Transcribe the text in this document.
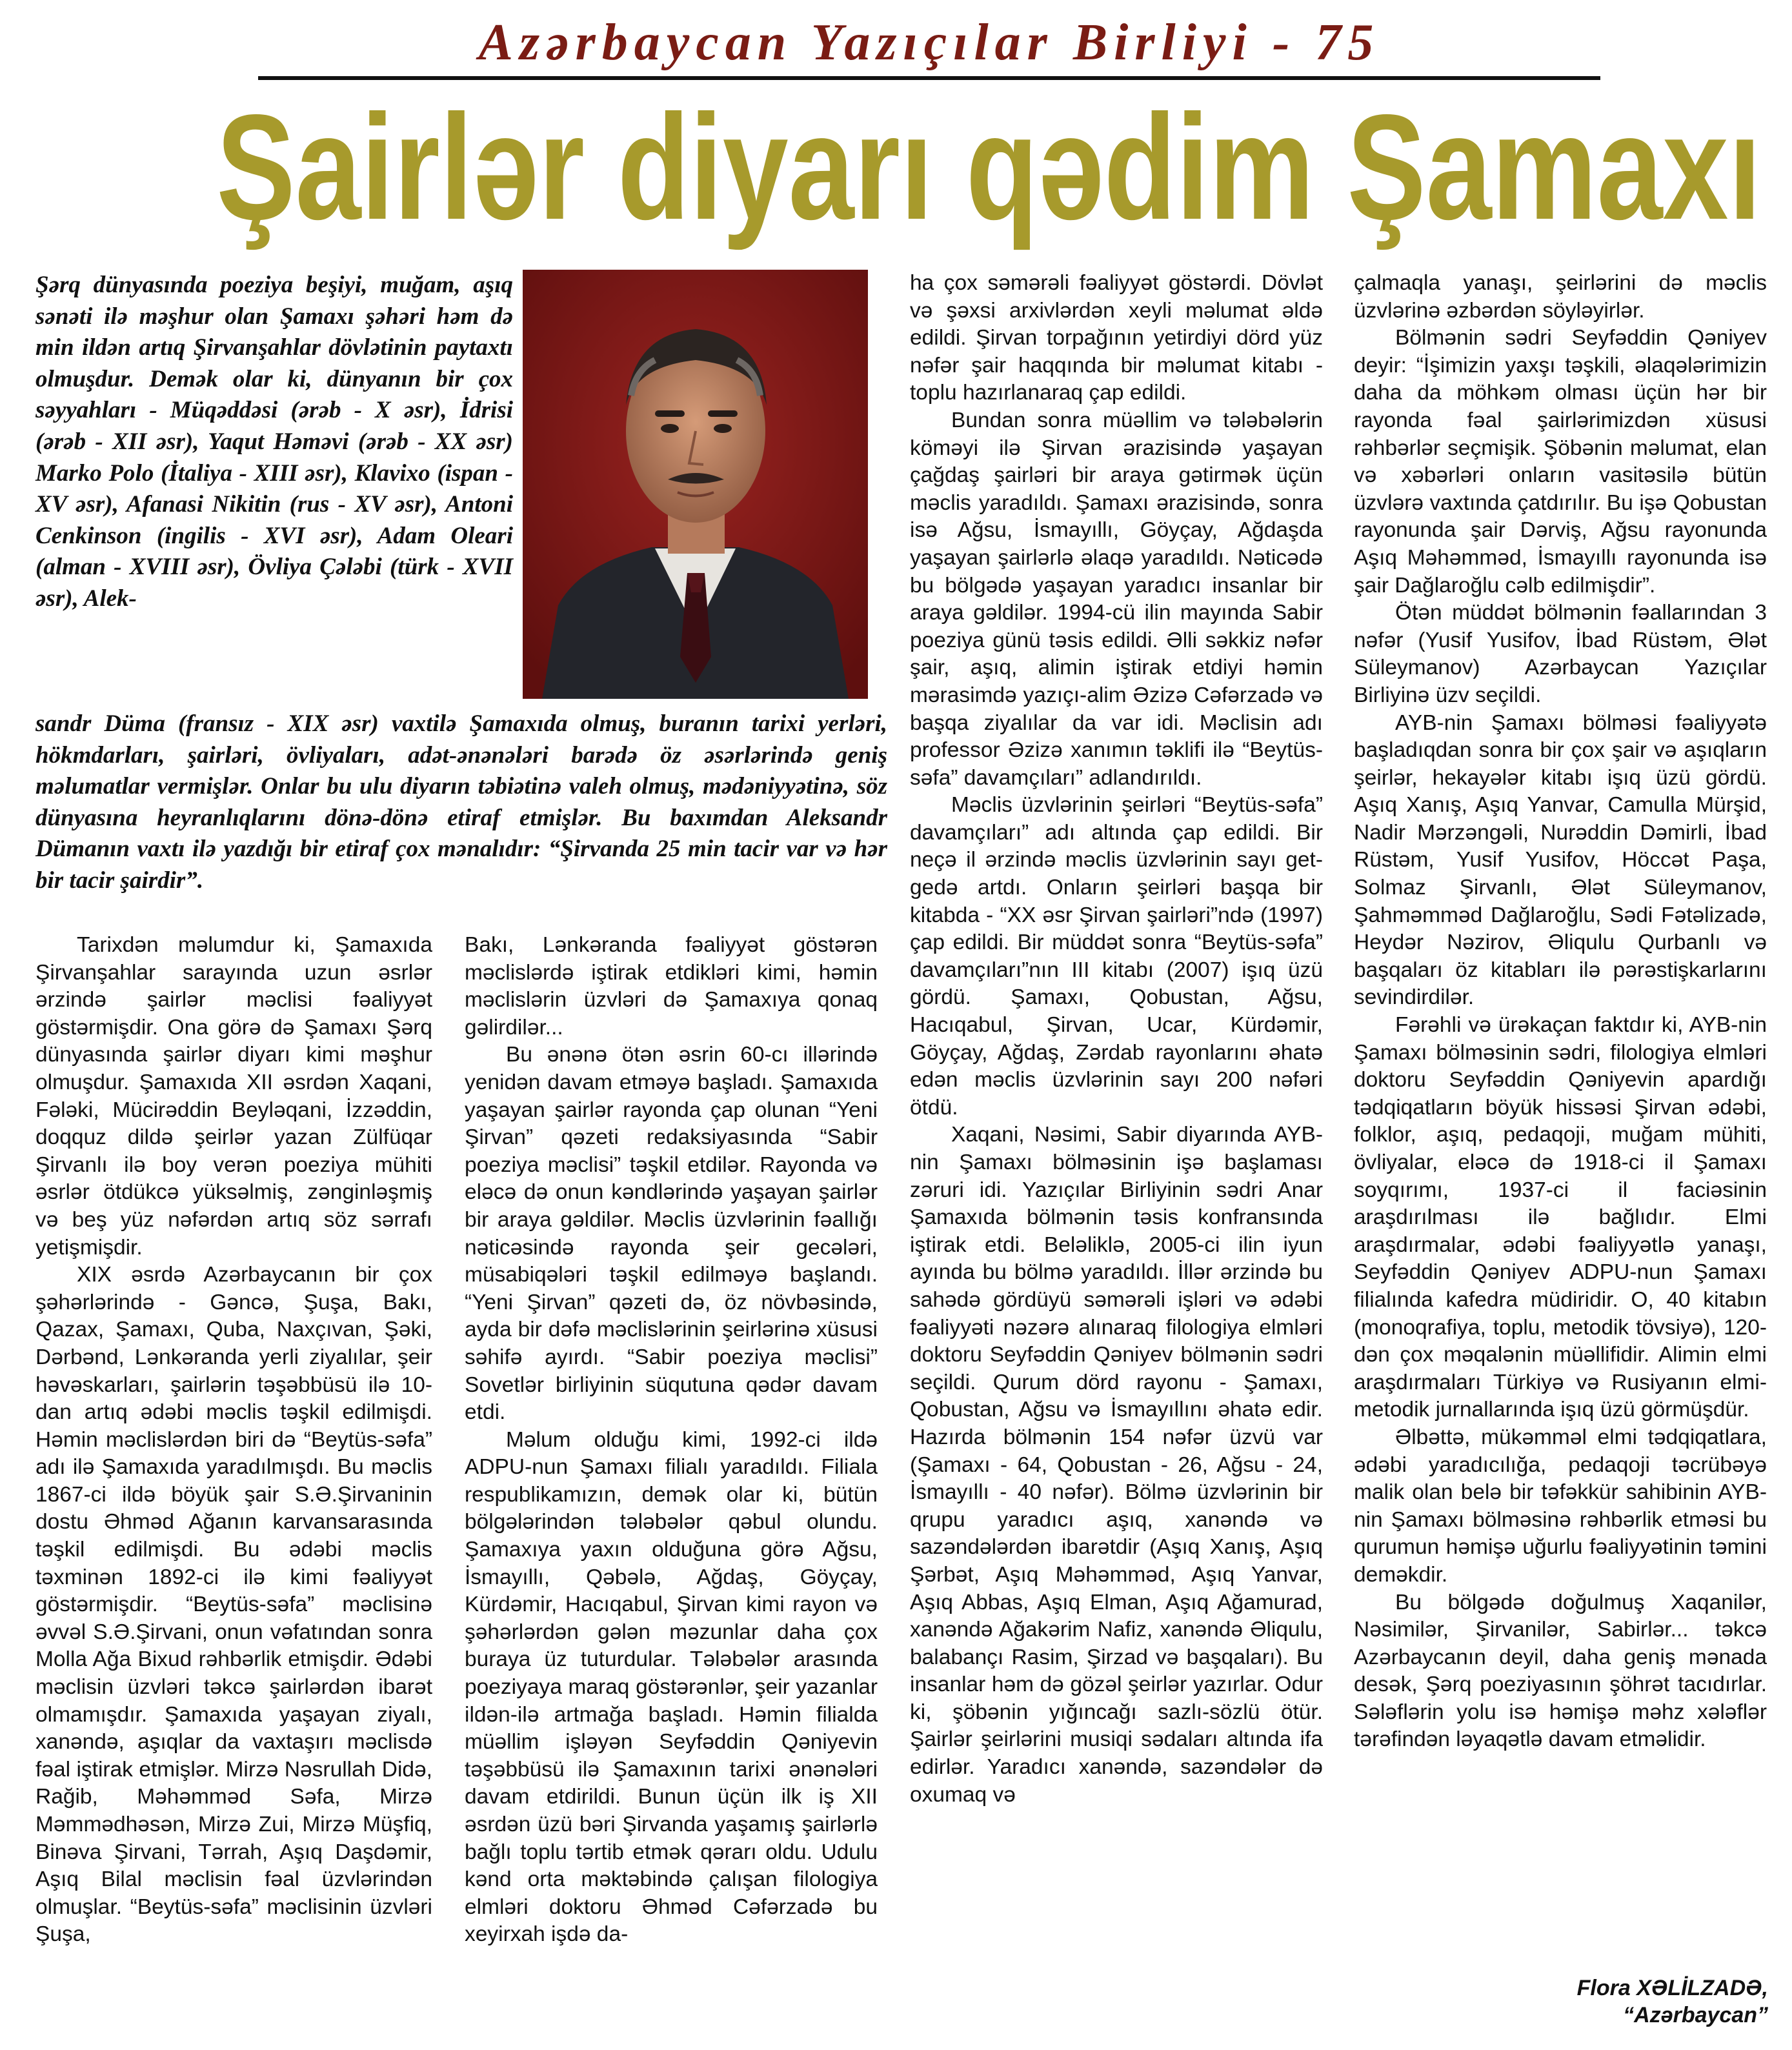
Azərbaycan Yazıçılar Birliyi - 75
Şairlər diyarı qədim Şamaxı

Şərq dünyasında poeziya beşiyi, muğam, aşıq sənəti ilə məşhur olan Şamaxı şəhəri həm də min ildən artıq Şirvanşahlar dövlətinin paytaxtı olmuşdur. Demək olar ki, dünyanın bir çox səyyahları - Müqəddəsi (ərəb - X əsr), İdrisi (ərəb - XII əsr), Yaqut Həməvi (ərəb - XX əsr) Marko Polo (İtaliya - XIII əsr), Klavixo (ispan - XV əsr), Afanasi Nikitin (rus - XV əsr), Antoni Cenkinson (ingilis - XVI əsr), Adam Oleari (alman - XVIII əsr), Övliya Çələbi (türk - XVII əsr), Alek-

sandr Düma (fransız - XIX əsr) vaxtilə Şamaxıda olmuş, buranın tarixi yerləri, hökmdarları, şairləri, övliyaları, adət-ənənələri barədə öz əsərlərində geniş məlumatlar vermişlər. Onlar bu ulu diyarın təbiətinə valeh olmuş, mədəniyyətinə, söz dünyasına heyranlıqlarını dönə-dönə etiraf etmişlər. Bu baxımdan Aleksandr Dümanın vaxtı ilə yazdığı bir etiraf çox mənalıdır: “Şirvanda 25 min tacir var və hər bir tacir şairdir”.

Tarixdən məlumdur ki, Şamaxıda Şirvanşahlar sarayında uzun əsrlər ərzində şairlər məclisi fəaliyyət göstərmişdir. Ona görə də Şamaxı Şərq dünyasında şairlər diyarı kimi məşhur olmuşdur. Şamaxıda XII əsrdən Xaqani, Fələki, Mücirəddin Beyləqani, İzzəddin, doqquz dildə şeirlər yazan Zülfüqar Şirvanlı ilə boy verən poeziya mühiti əsrlər ötdükcə yüksəlmiş, zənginləşmiş və beş yüz nəfərdən artıq söz sərrafı yetişmişdir.

XIX əsrdə Azərbaycanın bir çox şəhərlərində - Gəncə, Şuşa, Bakı, Qazax, Şamaxı, Quba, Naxçıvan, Şəki, Dərbənd, Lənkəranda yerli ziyalılar, şeir həvəskarları, şairlərin təşəbbüsü ilə 10-dan artıq ədəbi məclis təşkil edilmişdi. Həmin məclislərdən biri də “Beytüs-səfa” adı ilə Şamaxıda yaradılmışdı. Bu məclis 1867-ci ildə böyük şair S.Ə.Şirvaninin dostu Əhməd Ağanın karvansarasında təşkil edilmişdi. Bu ədəbi məclis təxminən 1892-ci ilə kimi fəaliyyət göstərmişdir. “Beytüs-səfa” məclisinə əvvəl S.Ə.Şirvani, onun vəfatından sonra Molla Ağa Bixud rəhbərlik etmişdir. Ədəbi məclisin üzvləri təkcə şairlərdən ibarət olmamışdır. Şamaxıda yaşayan ziyalı, xanəndə, aşıqlar da vaxtaşırı məclisdə fəal iştirak etmişlər. Mirzə Nəsrullah Didə, Rağib, Məhəmməd Səfa, Mirzə Məmmədhəsən, Mirzə Zui, Mirzə Müşfiq, Binəva Şirvani, Tərrah, Aşıq Daşdəmir, Aşıq Bilal məclisin fəal üzvlərindən olmuşlar. “Beytüs-səfa” məclisinin üzvləri Şuşa,

Bakı, Lənkəranda fəaliyyət göstərən məclislərdə iştirak etdikləri kimi, həmin məclislərin üzvləri də Şamaxıya qonaq gəlirdilər...

Bu ənənə ötən əsrin 60-cı illərində yenidən davam etməyə başladı. Şamaxıda yaşayan şairlər rayonda çap olunan “Yeni Şirvan” qəzeti redaksiyasında “Sabir poeziya məclisi” təşkil etdilər. Rayonda və eləcə də onun kəndlərində yaşayan şairlər bir araya gəldilər. Məclis üzvlərinin fəallığı nəticəsində rayonda şeir gecələri, müsabiqələri təşkil edilməyə başlandı. “Yeni Şirvan” qəzeti də, öz növbəsində, ayda bir dəfə məclislərinin şeirlərinə xüsusi səhifə ayırdı. “Sabir poeziya məclisi” Sovetlər birliyinin süqutuna qədər davam etdi.

Məlum olduğu kimi, 1992-ci ildə ADPU-nun Şamaxı filialı yaradıldı. Filiala respublikamızın, demək olar ki, bütün bölgələrindən tələbələr qəbul olundu. Şamaxıya yaxın olduğuna görə Ağsu, İsmayıllı, Qəbələ, Ağdaş, Göyçay, Kürdəmir, Hacıqabul, Şirvan kimi rayon və şəhərlərdən gələn məzunlar daha çox buraya üz tuturdular. Tələbələr arasında poeziyaya maraq göstərənlər, şeir yazanlar ildən-ilə artmağa başladı. Həmin filialda müəllim işləyən Seyfəddin Qəniyevin təşəbbüsü ilə Şamaxının tarixi ənənələri davam etdirildi. Bunun üçün ilk iş XII əsrdən üzü bəri Şirvanda yaşamış şairlərlə bağlı toplu tərtib etmək qərarı oldu. Udulu kənd orta məktəbində çalışan filologiya elmləri doktoru Əhməd Cəfərzadə bu xeyirxah işdə da-

ha çox səmərəli fəaliyyət göstərdi. Dövlət və şəxsi arxivlərdən xeyli məlumat əldə edildi. Şirvan torpağının yetirdiyi dörd yüz nəfər şair haqqında bir məlumat kitabı - toplu hazırlanaraq çap edildi.

Bundan sonra müəllim və tələbələrin köməyi ilə Şirvan ərazisində yaşayan çağdaş şairləri bir araya gətirmək üçün məclis yaradıldı. Şamaxı ərazisində, sonra isə Ağsu, İsmayıllı, Göyçay, Ağdaşda yaşayan şairlərlə əlaqə yaradıldı. Nəticədə bu bölgədə yaşayan yaradıcı insanlar bir araya gəldilər. 1994-cü ilin mayında Sabir poeziya günü təsis edildi. Əlli səkkiz nəfər şair, aşıq, alimin iştirak etdiyi həmin mərasimdə yazıçı-alim Əzizə Cəfərzadə və başqa ziyalılar da var idi. Məclisin adı professor Əzizə xanımın təklifi ilə “Beytüs-səfa” davamçıları” adlandırıldı.

Məclis üzvlərinin şeirləri “Beytüs-səfa” davamçıları” adı altında çap edildi. Bir neçə il ərzində məclis üzvlərinin sayı get-gedə artdı. Onların şeirləri başqa bir kitabda - “XX əsr Şirvan şairləri”ndə (1997) çap edildi. Bir müddət sonra “Beytüs-səfa” davamçıları”nın III kitabı (2007) işıq üzü gördü. Şamaxı, Qobustan, Ağsu, Hacıqabul, Şirvan, Ucar, Kürdəmir, Göyçay, Ağdaş, Zərdab rayonlarını əhatə edən məclis üzvlərinin sayı 200 nəfəri ötdü.

Xaqani, Nəsimi, Sabir diyarında AYB-nin Şamaxı bölməsinin işə başlaması zəruri idi. Yazıçılar Birliyinin sədri Anar Şamaxıda bölmənin təsis konfransında iştirak etdi. Beləliklə, 2005-ci ilin iyun ayında bu bölmə yaradıldı. İllər ərzində bu sahədə gördüyü səmərəli işləri və ədəbi fəaliyyəti nəzərə alınaraq filologiya elmləri doktoru Seyfəddin Qəniyev bölmənin sədri seçildi. Qurum dörd rayonu - Şamaxı, Qobustan, Ağsu və İsmayıllını əhatə edir. Hazırda bölmənin 154 nəfər üzvü var (Şamaxı - 64, Qobustan - 26, Ağsu - 24, İsmayıllı - 40 nəfər). Bölmə üzvlərinin bir qrupu yaradıcı aşıq, xanəndə və sazəndələrdən ibarətdir (Aşıq Xanış, Aşıq Şərbət, Aşıq Məhəmməd, Aşıq Yanvar, Aşıq Abbas, Aşıq Elman, Aşıq Ağamurad, xanəndə Ağakərim Nafiz, xanəndə Əliqulu, balabançı Rasim, Şirzad və başqaları). Bu insanlar həm də gözəl şeirlər yazırlar. Odur ki, şöbənin yığıncağı sazlı-sözlü ötür. Şairlər şeirlərini musiqi sədaları altında ifa edirlər. Yaradıcı xanəndə, sazəndələr də oxumaq və

çalmaqla yanaşı, şeirlərini də məclis üzvlərinə əzbərdən söyləyirlər.

Bölmənin sədri Seyfəddin Qəniyev deyir: “İşimizin yaxşı təşkili, əlaqələrimizin daha da möhkəm olması üçün hər bir rayonda fəal şairlərimizdən xüsusi rəhbərlər seçmişik. Şöbənin məlumat, elan və xəbərləri onların vasitəsilə bütün üzvlərə vaxtında çatdırılır. Bu işə Qobustan rayonunda şair Dərviş, Ağsu rayonunda Aşıq Məhəmməd, İsmayıllı rayonunda isə şair Dağlaroğlu cəlb edilmişdir”.

Ötən müddət bölmənin fəallarından 3 nəfər (Yusif Yusifov, İbad Rüstəm, Ələt Süleymanov) Azərbaycan Yazıçılar Birliyinə üzv seçildi.

AYB-nin Şamaxı bölməsi fəaliyyətə başladıqdan sonra bir çox şair və aşıqların şeirlər, hekayələr kitabı işıq üzü gördü. Aşıq Xanış, Aşıq Yanvar, Camulla Mürşid, Nadir Mərzəngəli, Nurəddin Dəmirli, İbad Rüstəm, Yusif Yusifov, Höccət Paşa, Solmaz Şirvanlı, Ələt Süleymanov, Şahməmməd Dağlaroğlu, Sədi Fətəlizadə, Heydər Nəzirov, Əliqulu Qurbanlı və başqaları öz kitabları ilə pərəstişkarlarını sevindirdilər.

Fərəhli və ürəkaçan faktdır ki, AYB-nin Şamaxı bölməsinin sədri, filologiya elmləri doktoru Seyfəddin Qəniyevin apardığı tədqiqatların böyük hissəsi Şirvan ədəbi, folklor, aşıq, pedaqoji, muğam mühiti, övliyalar, eləcə də 1918-ci il Şamaxı soyqırımı, 1937-ci il faciəsinin araşdırılması ilə bağlıdır. Elmi araşdırmalar, ədəbi fəaliyyətlə yanaşı, Seyfəddin Qəniyev ADPU-nun Şamaxı filialında kafedra müdiridir. O, 40 kitabın (monoqrafiya, toplu, metodik tövsiyə), 120-dən çox məqalənin müəllifidir. Alimin elmi araşdırmaları Türkiyə və Rusiyanın elmi-metodik jurnallarında işıq üzü görmüşdür.

Əlbəttə, mükəmməl elmi tədqiqatlara, ədəbi yaradıcılığa, pedaqoji təcrübəyə malik olan belə bir təfəkkür sahibinin AYB-nin Şamaxı bölməsinə rəhbərlik etməsi bu qurumun həmişə uğurlu fəaliyyətinin təmini deməkdir.

Bu bölgədə doğulmuş Xaqanilər, Nəsimilər, Şirvanilər, Sabirlər... təkcə Azərbaycanın deyil, daha geniş mənada desək, Şərq poeziyasının şöhrət tacıdırlar. Sələflərin yolu isə həmişə məhz xələflər tərəfindən ləyaqətlə davam etməlidir.

Flora XƏLİLZADƏ,
“Azərbaycan”
